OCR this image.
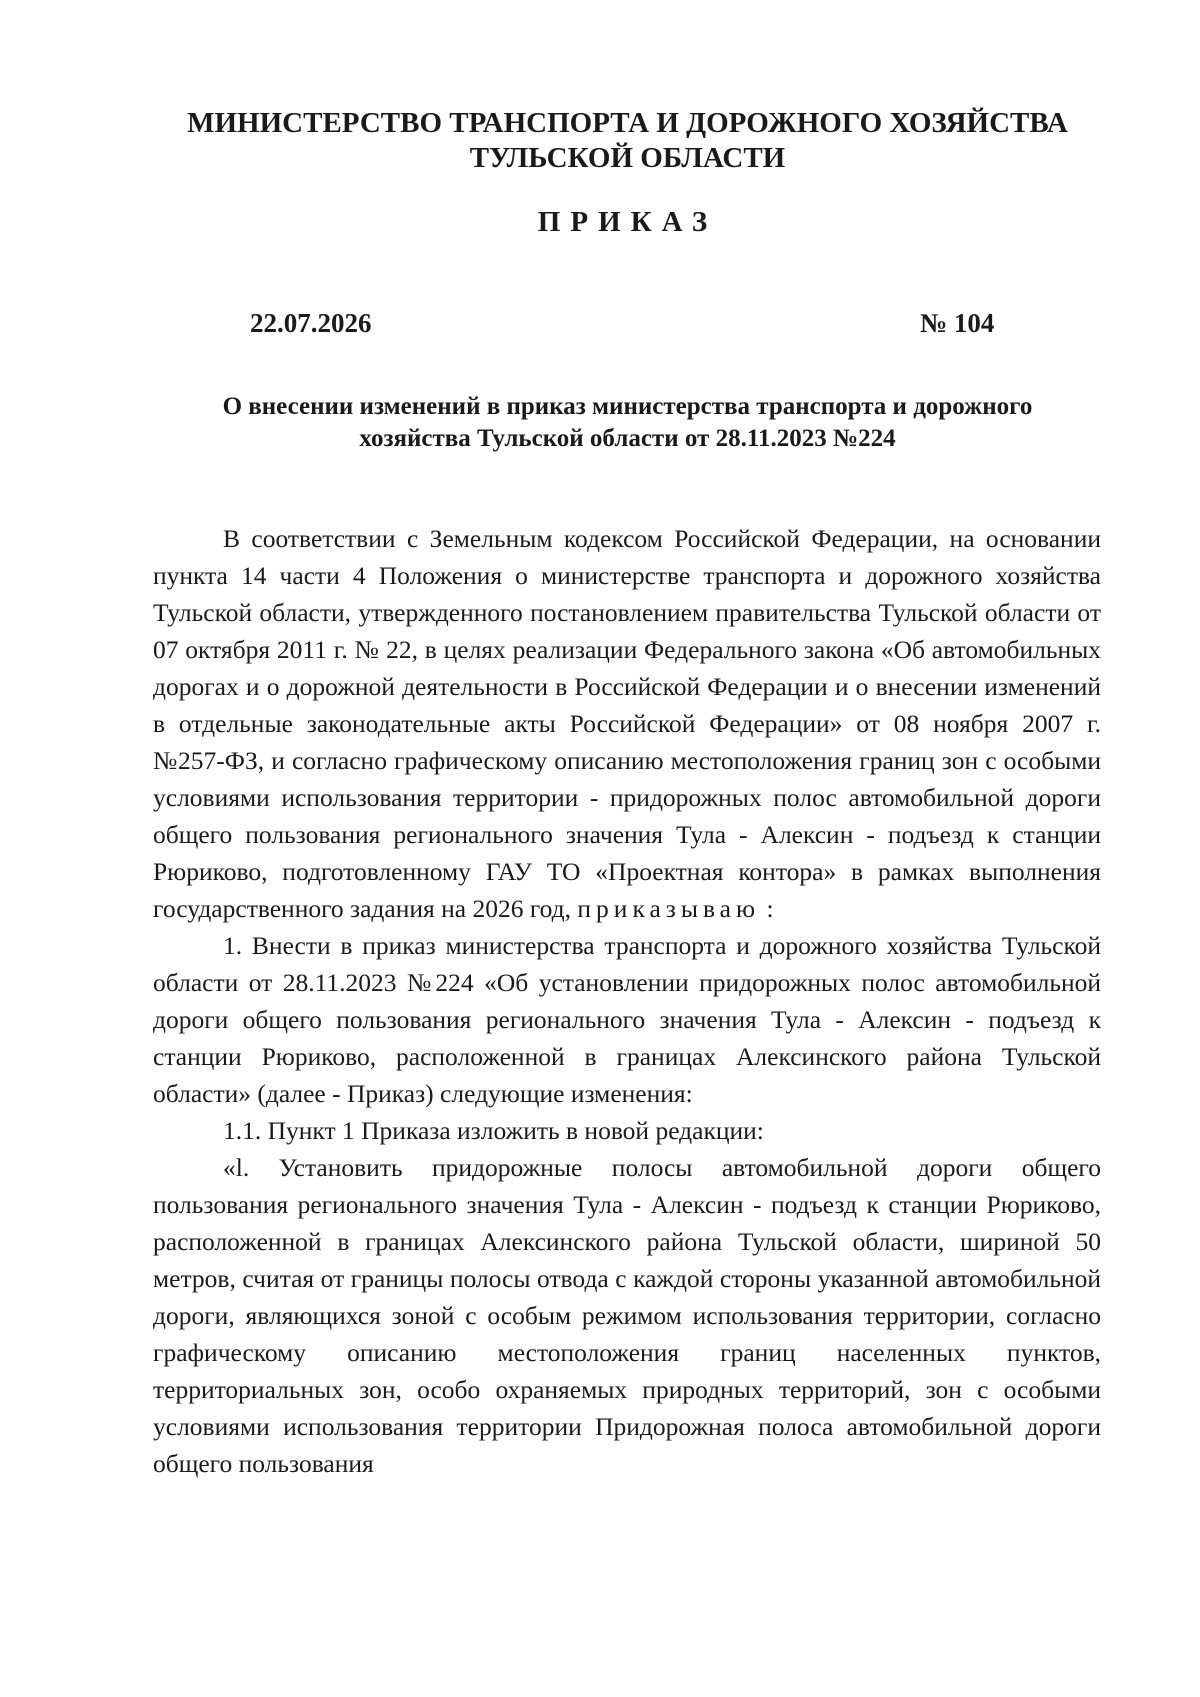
МИНИСТЕРСТВО ТРАНСПОРТА И ДОРОЖНОГО ХОЗЯЙСТВА
ТУЛЬСКОЙ ОБЛАСТИ
ПРИКАЗ
22.07.2026	№ 104
О внесении изменений в приказ министерства транспорта и дорожного
хозяйства Тульской области от 28.11.2023 №224

В соответствии с Земельным кодексом Российской Федерации, на основании пункта 14 части 4 Положения о министерстве транспорта и дорожного хозяйства Тульской области, утвержденного постановлением правительства Тульской области от 07 октября 2011 г. № 22, в целях реализации Федерального закона «Об автомобильных дорогах и о дорожной деятельности в Российской Федерации и о внесении изменений в отдельные законодательные акты Российской Федерации» от 08 ноября 2007 г. №257-ФЗ, и согласно графическому описанию местоположения границ зон с особыми условиями использования территории - придорожных полос автомобильной дороги общего пользования регионального значения Тула - Алексин - подъезд к станции Рюриково, подготовленному ГАУ ТО «Проектная контора» в рамках выполнения государственного задания на 2026 год, приказываю :

1. Внести в приказ министерства транспорта и дорожного хозяйства Тульской области от 28.11.2023 №224 «Об установлении придорожных полос автомобильной дороги общего пользования регионального значения Тула - Алексин - подъезд к станции Рюриково, расположенной в границах Алексинского района Тульской области» (далее - Приказ) следующие изменения:

1.1. Пункт 1 Приказа изложить в новой редакции:

«l. Установить придорожные полосы автомобильной дороги общего пользования регионального значения Тула - Алексин - подъезд к станции Рюриково, расположенной в границах Алексинского района Тульской области, шириной 50 метров, считая от границы полосы отвода с каждой стороны указанной автомобильной дороги, являющихся зоной с особым режимом использования территории, согласно графическому описанию местоположения границ населенных пунктов, территориальных зон, особо охраняемых природных территорий, зон с особыми условиями использования территории Придорожная полоса автомобильной дороги общего пользования
